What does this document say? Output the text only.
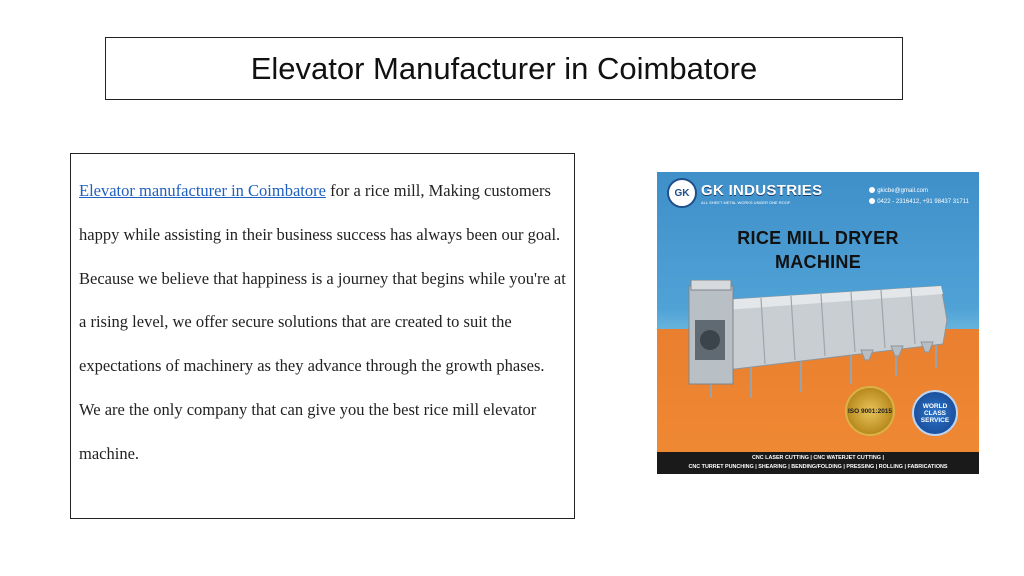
Elevator Manufacturer in Coimbatore

Elevator manufacturer in Coimbatore for a rice mill, Making customers happy while assisting in their business success has always been our goal. Because we believe that happiness is a journey that begins while you're at a rising level, we offer secure solutions that are created to suit the expectations of machinery as they advance through the growth phases. We are the only company that can give you the best rice mill elevator machine.

GK GK INDUSTRIES
ALL SHEET METAL WORKS UNDER ONE ROOF
gkicbe@gmail.com
0422 - 2316412, +91 98437 31711
RICE MILL DRYER
MACHINE
ISO 9001:2015
WORLD CLASS SERVICE
CNC LASER CUTTING | CNC WATERJET CUTTING |
CNC TURRET PUNCHING | SHEARING | BENDING/FOLDING | PRESSING | ROLLING | FABRICATIONS
